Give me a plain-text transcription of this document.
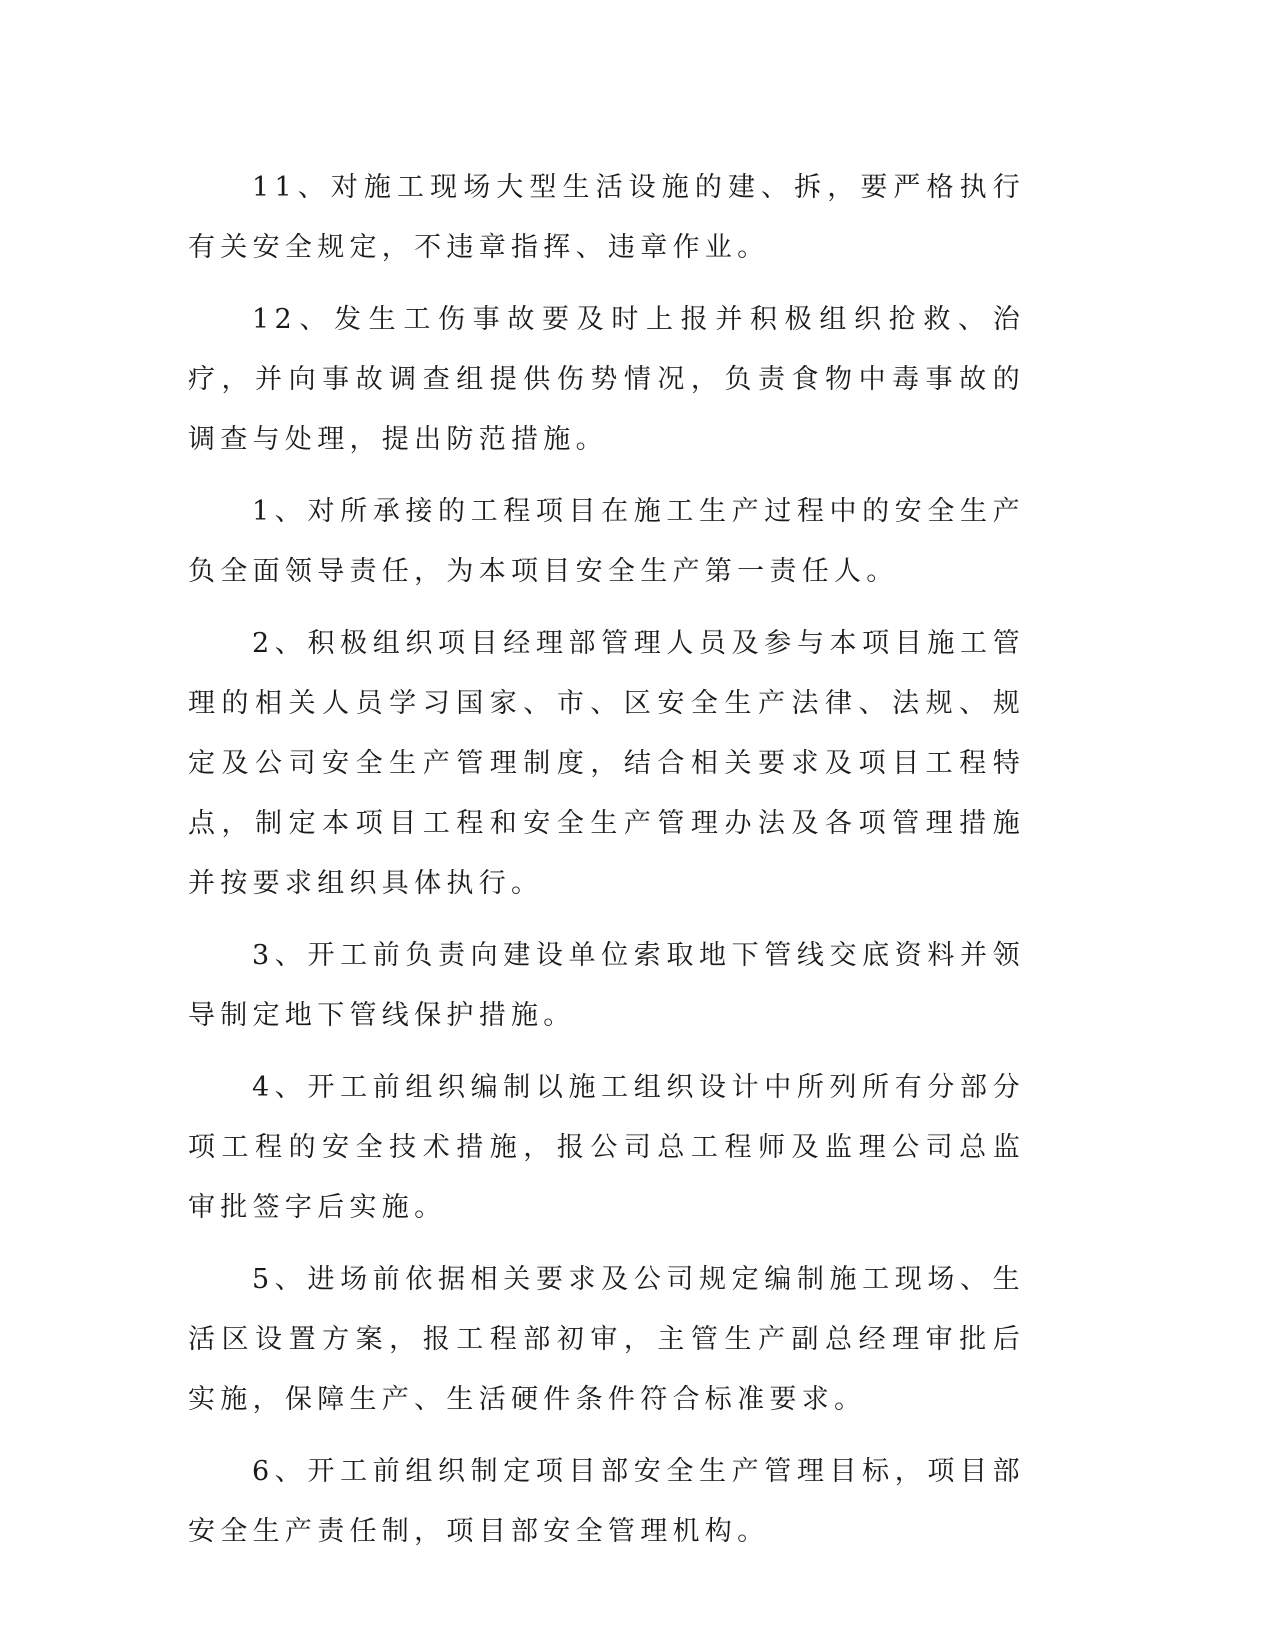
11、对施工现场大型生活设施的建、拆，要严格执行有关安全规定，不违章指挥、违章作业。

12、发生工伤事故要及时上报并积极组织抢救、治疗，并向事故调查组提供伤势情况，负责食物中毒事故的调查与处理，提出防范措施。

1、对所承接的工程项目在施工生产过程中的安全生产负全面领导责任，为本项目安全生产第一责任人。

2、积极组织项目经理部管理人员及参与本项目施工管理的相关人员学习国家、市、区安全生产法律、法规、规定及公司安全生产管理制度，结合相关要求及项目工程特点，制定本项目工程和安全生产管理办法及各项管理措施并按要求组织具体执行。

3、开工前负责向建设单位索取地下管线交底资料并领导制定地下管线保护措施。

4、开工前组织编制以施工组织设计中所列所有分部分项工程的安全技术措施，报公司总工程师及监理公司总监审批签字后实施。

5、进场前依据相关要求及公司规定编制施工现场、生活区设置方案，报工程部初审，主管生产副总经理审批后实施，保障生产、生活硬件条件符合标准要求。

6、开工前组织制定项目部安全生产管理目标，项目部安全生产责任制，项目部安全管理机构。
